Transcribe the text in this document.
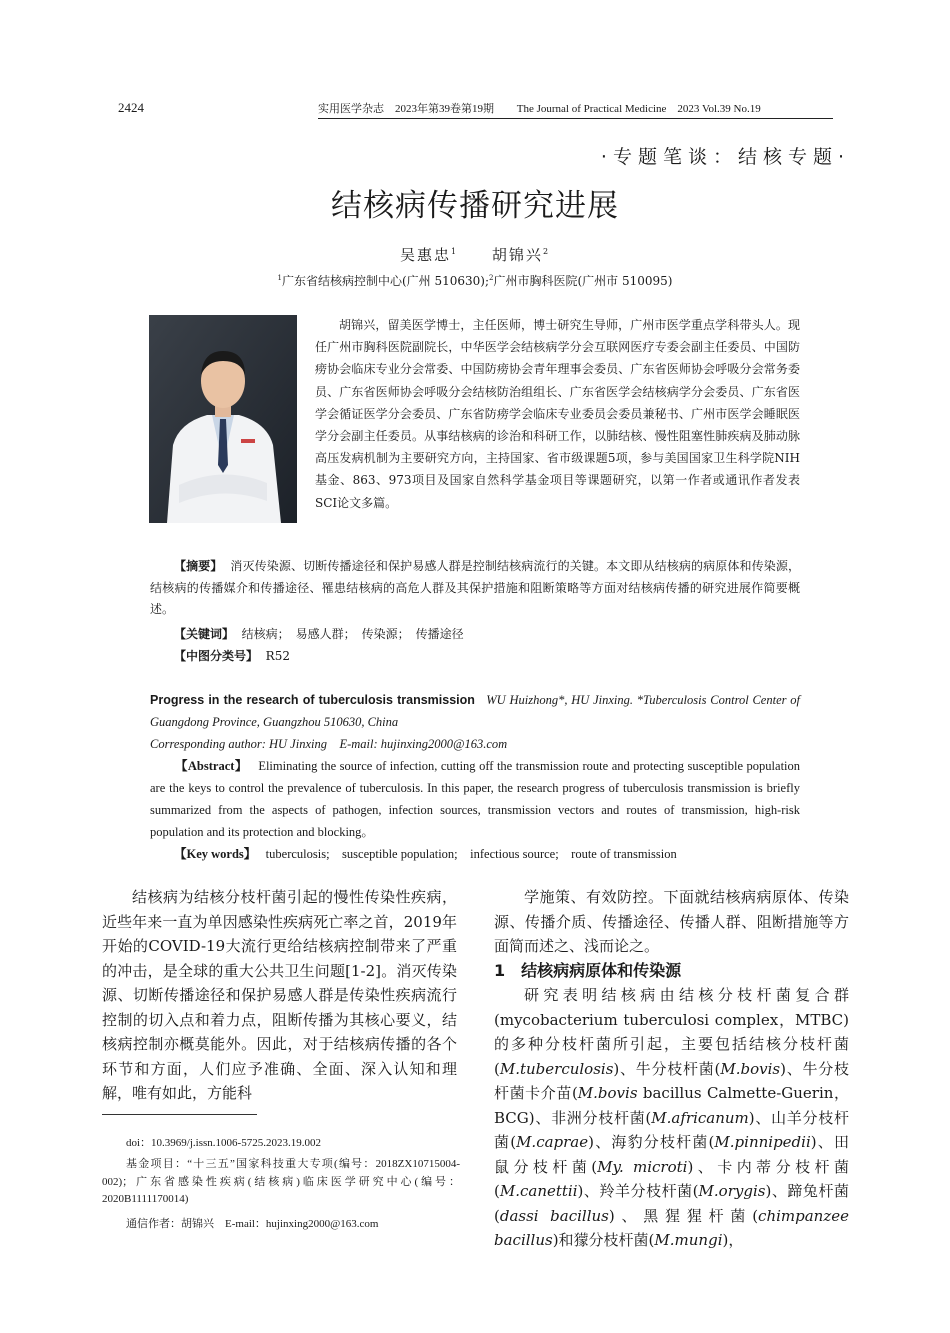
2424	实用医学杂志　2023年第39卷第19期 The Journal of Practical Medicine　2023 Vol.39 No.19
·专题笔谈：结核专题·
结核病传播研究进展
吴惠忠$^1$ 胡锦兴$^2$
$^1$广东省结核病控制中心(广州 510630);$^2$广州市胸科医院(广州市 510095)
胡锦兴，留美医学博士，主任医师，博士研究生导师，广州市医学重点学科带头人。现任广州市胸科医院副院长，中华医学会结核病学分会互联网医疗专委会副主任委员、中国防痨协会临床专业分会常委、中国防痨协会青年理事会委员、广东省医师协会呼吸分会常务委员、广东省医师协会呼吸分会结核防治组组长、广东省医学会结核病学分会委员、广东省医学会循证医学分会委员、广东省防痨学会临床专业委员会委员兼秘书、广州市医学会睡眠医学分会副主任委员。从事结核病的诊治和科研工作，以肺结核、慢性阻塞性肺疾病及肺动脉高压发病机制为主要研究方向，主持国家、省市级课题5项，参与美国国家卫生科学院NIH基金、863、973项目及国家自然科学基金项目等课题研究，以第一作者或通讯作者发表SCI论文多篇。
【摘要】 消灭传染源、切断传播途径和保护易感人群是控制结核病流行的关键。本文即从结核病的病原体和传染源，结核病的传播媒介和传播途径、罹患结核病的高危人群及其保护措施和阻断策略等方面对结核病传播的研究进展作简要概述。
【关键词】 结核病；　易感人群；　传染源；　传播途径
【中图分类号】 R52
Progress in the research of tuberculosis transmission WU Huizhong*, HU Jinxing. *Tuberculosis Control Center of Guangdong Province, Guangzhou 510630, China
Corresponding author: HU Jinxing　E-mail: hujinxing2000@163.com
【Abstract】 Eliminating the source of infection, cutting off the transmission route and protecting susceptible population are the keys to control the prevalence of tuberculosis. In this paper, the research progress of tuberculosis transmission is briefly summarized from the aspects of pathogen, infection sources, transmission vectors and routes of transmission, high-risk population and its protection and blocking。
【Key words】 tuberculosis;　susceptible population;　infectious source;　route of transmission
结核病为结核分枝杆菌引起的慢性传染性疾病，近些年来一直为单因感染性疾病死亡率之首，2019年开始的COVID-19大流行更给结核病控制带来了严重的冲击，是全球的重大公共卫生问题[1-2]。消灭传染源、切断传播途径和保护易感人群是传染性疾病流行控制的切入点和着力点，阻断传播为其核心要义，结核病控制亦概莫能外。因此，对于结核病传播的各个环节和方面，人们应予准确、全面、深入认知和理解，唯有如此，方能科

学施策、有效防控。下面就结核病病原体、传染源、传播介质、传播途径、传播人群、阻断措施等方面简而述之、浅而论之。

1　结核病病原体和传染源

研究表明结核病由结核分枝杆菌复合群(mycobacterium tuberculosi complex，MTBC)的多种分枝杆菌所引起，主要包括结核分枝杆菌(M.tuberculosis)、牛分枝杆菌(M.bovis)、牛分枝杆菌卡介苗(M.bovis bacillus Calmette-Guerin，BCG)、非洲分枝杆菌(M.africanum)、山羊分枝杆菌(M.caprae)、海豹分枝杆菌(M.pinnipedii)、田鼠分枝杆菌(My. microti)、卡内蒂分枝杆菌(M.canettii)、羚羊分枝杆菌(M.orygis)、蹄兔杆菌(dassi bacillus)、黑猩猩杆菌(chimpanzee bacillus)和獴分枝杆菌(M.mungi)，

doi：10.3969/j.issn.1006-5725.2023.19.002
基金项目：“十三五”国家科技重大专项(编号：2018ZX10715004-002)；广东省感染性疾病(结核病)临床医学研究中心(编号：2020B1111170014)
通信作者：胡锦兴　E-mail：hujinxing2000@163.com
